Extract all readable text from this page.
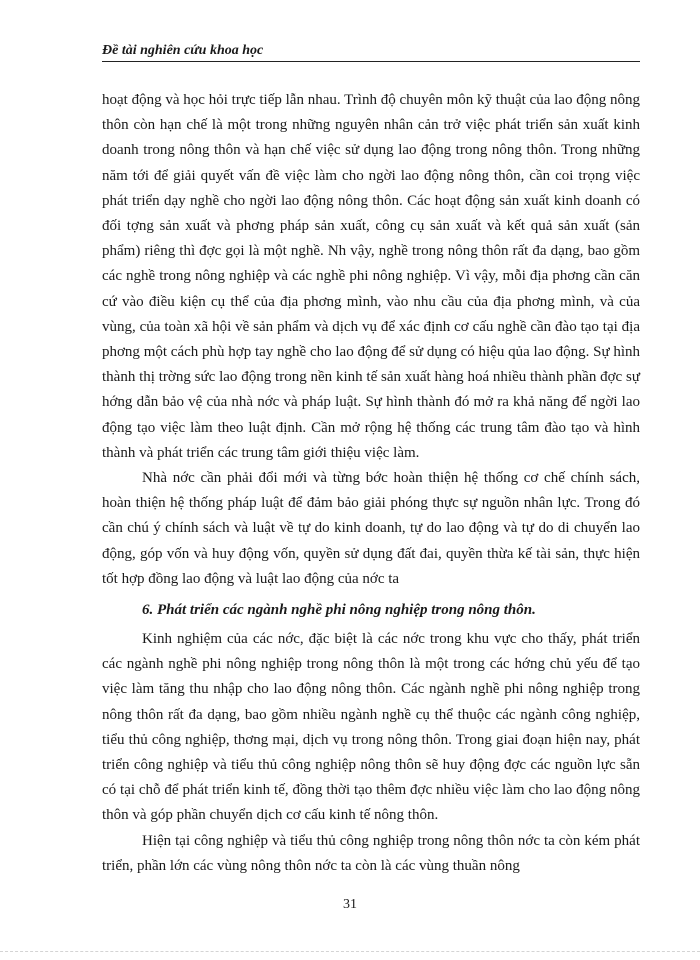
Đề tài nghiên cứu khoa học

hoạt động và học hỏi trực tiếp lẫn nhau. Trình độ chuyên môn kỹ thuật của lao động nông thôn còn hạn chế là một trong những nguyên nhân cản trở việc phát triển sản xuất kinh doanh trong nông thôn và hạn chế việc sử dụng lao động trong nông thôn. Trong những năm tới để giải quyết vấn đề việc làm cho ngời lao động nông thôn, cần coi trọng việc phát triển dạy nghề cho ngời lao động nông thôn. Các hoạt động sản xuất kinh doanh có đối tợng sản xuất và phơng pháp sản xuất, công cụ sản xuất và kết quả sản xuất (sản phẩm) riêng thì đợc gọi là một nghề. Nh vậy, nghề trong nông thôn rất đa dạng, bao gồm các nghề trong nông nghiệp và các nghề phi nông nghiệp. Vì vậy, mỗi địa phơng cần căn cứ vào điều kiện cụ thể của địa phơng mình, vào nhu cầu của địa phơng mình, và của vùng, của toàn xã hội về sản phẩm và dịch vụ để xác định cơ cấu nghề cần đào tạo tại địa phơng một cách phù hợp tay nghề cho lao động để sử dụng có hiệu qủa lao động. Sự hình thành thị trờng sức lao động trong nền kinh tế sản xuất hàng hoá nhiều thành phần đợc sự hớng dẫn bảo vệ của nhà nớc và pháp luật. Sự hình thành đó mở ra khả năng để ngời lao động tạo việc làm theo luật định. Cần mở rộng hệ thống các trung tâm đào tạo và hình thành và phát triển các trung tâm giới thiệu việc làm.

Nhà nớc cần phải đổi mới và từng bớc hoàn thiện hệ thống cơ chế chính sách, hoàn thiện hệ thống pháp luật để đảm bảo giải phóng thực sự nguồn nhân lực. Trong đó cần chú ý chính sách và luật về tự do kinh doanh, tự do lao động và tự do di chuyển lao động, góp vốn và huy động vốn, quyền sử dụng đất đai, quyền thừa kế tài sản, thực hiện tốt hợp đồng lao động và luật lao động của nớc ta

6. Phát triển các ngành nghề phi nông nghiệp trong nông thôn.

Kinh nghiệm của các nớc, đặc biệt là các nớc trong khu vực cho thấy, phát triển các ngành nghề phi nông nghiệp trong nông thôn là một trong các hớng chủ yếu để tạo việc làm tăng thu nhập cho lao động nông thôn. Các ngành nghề phi nông nghiệp trong nông thôn rất đa dạng, bao gồm nhiều ngành nghề cụ thể thuộc các ngành công nghiệp, tiểu thủ công nghiệp, thơng mại, dịch vụ trong nông thôn. Trong giai đoạn hiện nay, phát triển công nghiệp và tiểu thủ công nghiệp nông thôn sẽ huy động đợc các nguồn lực sẵn có tại chỗ để phát triển kinh tế, đồng thời tạo thêm đợc nhiều việc làm cho lao động nông thôn và góp phần chuyển dịch cơ cấu kinh tế nông thôn.

Hiện tại công nghiệp và tiểu thủ công nghiệp trong nông thôn nớc ta còn kém phát triển, phần lớn các vùng nông thôn nớc ta còn là các vùng thuần nông

31
